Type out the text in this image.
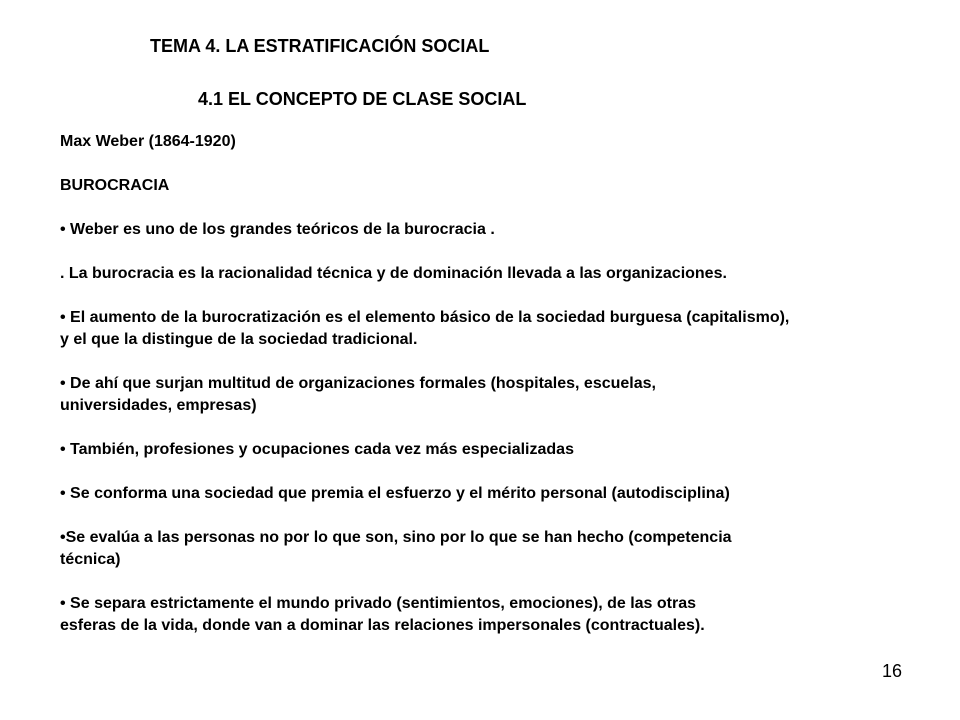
TEMA 4. LA ESTRATIFICACIÓN SOCIAL
4.1 EL CONCEPTO DE CLASE SOCIAL

Max Weber (1864-1920)

BUROCRACIA

• Weber es uno de los grandes teóricos de la burocracia .

. La burocracia es la racionalidad técnica y de dominación llevada a las organizaciones.

• El aumento de la burocratización es el elemento básico de la sociedad burguesa (capitalismo),

y el que la distingue de la sociedad tradicional.

• De ahí que surjan multitud de organizaciones formales (hospitales, escuelas,

universidades, empresas)

• También, profesiones y ocupaciones cada vez más especializadas

• Se conforma una sociedad que premia el esfuerzo y el mérito personal (autodisciplina)

•Se evalúa a las personas no por lo que son, sino por lo que se han hecho (competencia

técnica)

• Se separa estrictamente el mundo privado (sentimientos, emociones), de las otras

esferas de la vida, donde van a dominar las relaciones impersonales (contractuales).

16
